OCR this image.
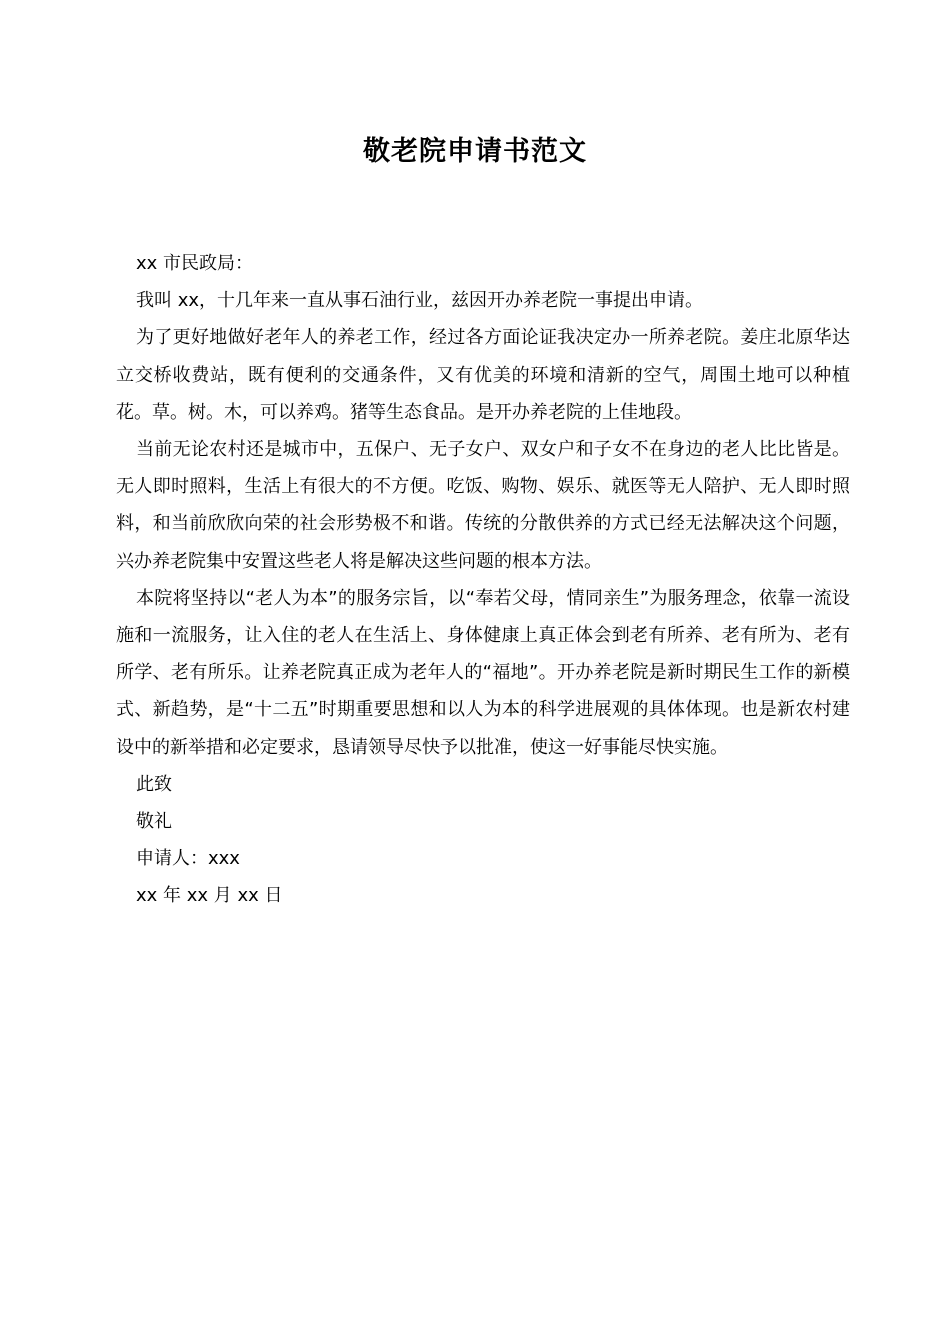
敬老院申请书范文

xx 市民政局：

我叫 xx，十几年来一直从事石油行业，兹因开办养老院一事提出申请。

为了更好地做好老年人的养老工作，经过各方面论证我决定办一所养老院。姜庄北原华达立交桥收费站，既有便利的交通条件，又有优美的环境和清新的空气，周围土地可以种植花。草。树。木，可以养鸡。猪等生态食品。是开办养老院的上佳地段。

当前无论农村还是城市中，五保户、无子女户、双女户和子女不在身边的老人比比皆是。无人即时照料，生活上有很大的不方便。吃饭、购物、娱乐、就医等无人陪护、无人即时照料，和当前欣欣向荣的社会形势极不和谐。传统的分散供养的方式已经无法解决这个问题，兴办养老院集中安置这些老人将是解决这些问题的根本方法。

本院将坚持以“老人为本”的服务宗旨，以“奉若父母，情同亲生”为服务理念，依靠一流设施和一流服务，让入住的老人在生活上、身体健康上真正体会到老有所养、老有所为、老有所学、老有所乐。让养老院真正成为老年人的“福地”。开办养老院是新时期民生工作的新模式、新趋势，是“十二五”时期重要思想和以人为本的科学进展观的具体体现。也是新农村建设中的新举措和必定要求，恳请领导尽快予以批准，使这一好事能尽快实施。

此致

敬礼

申请人：xxx

xx 年 xx 月 xx 日
